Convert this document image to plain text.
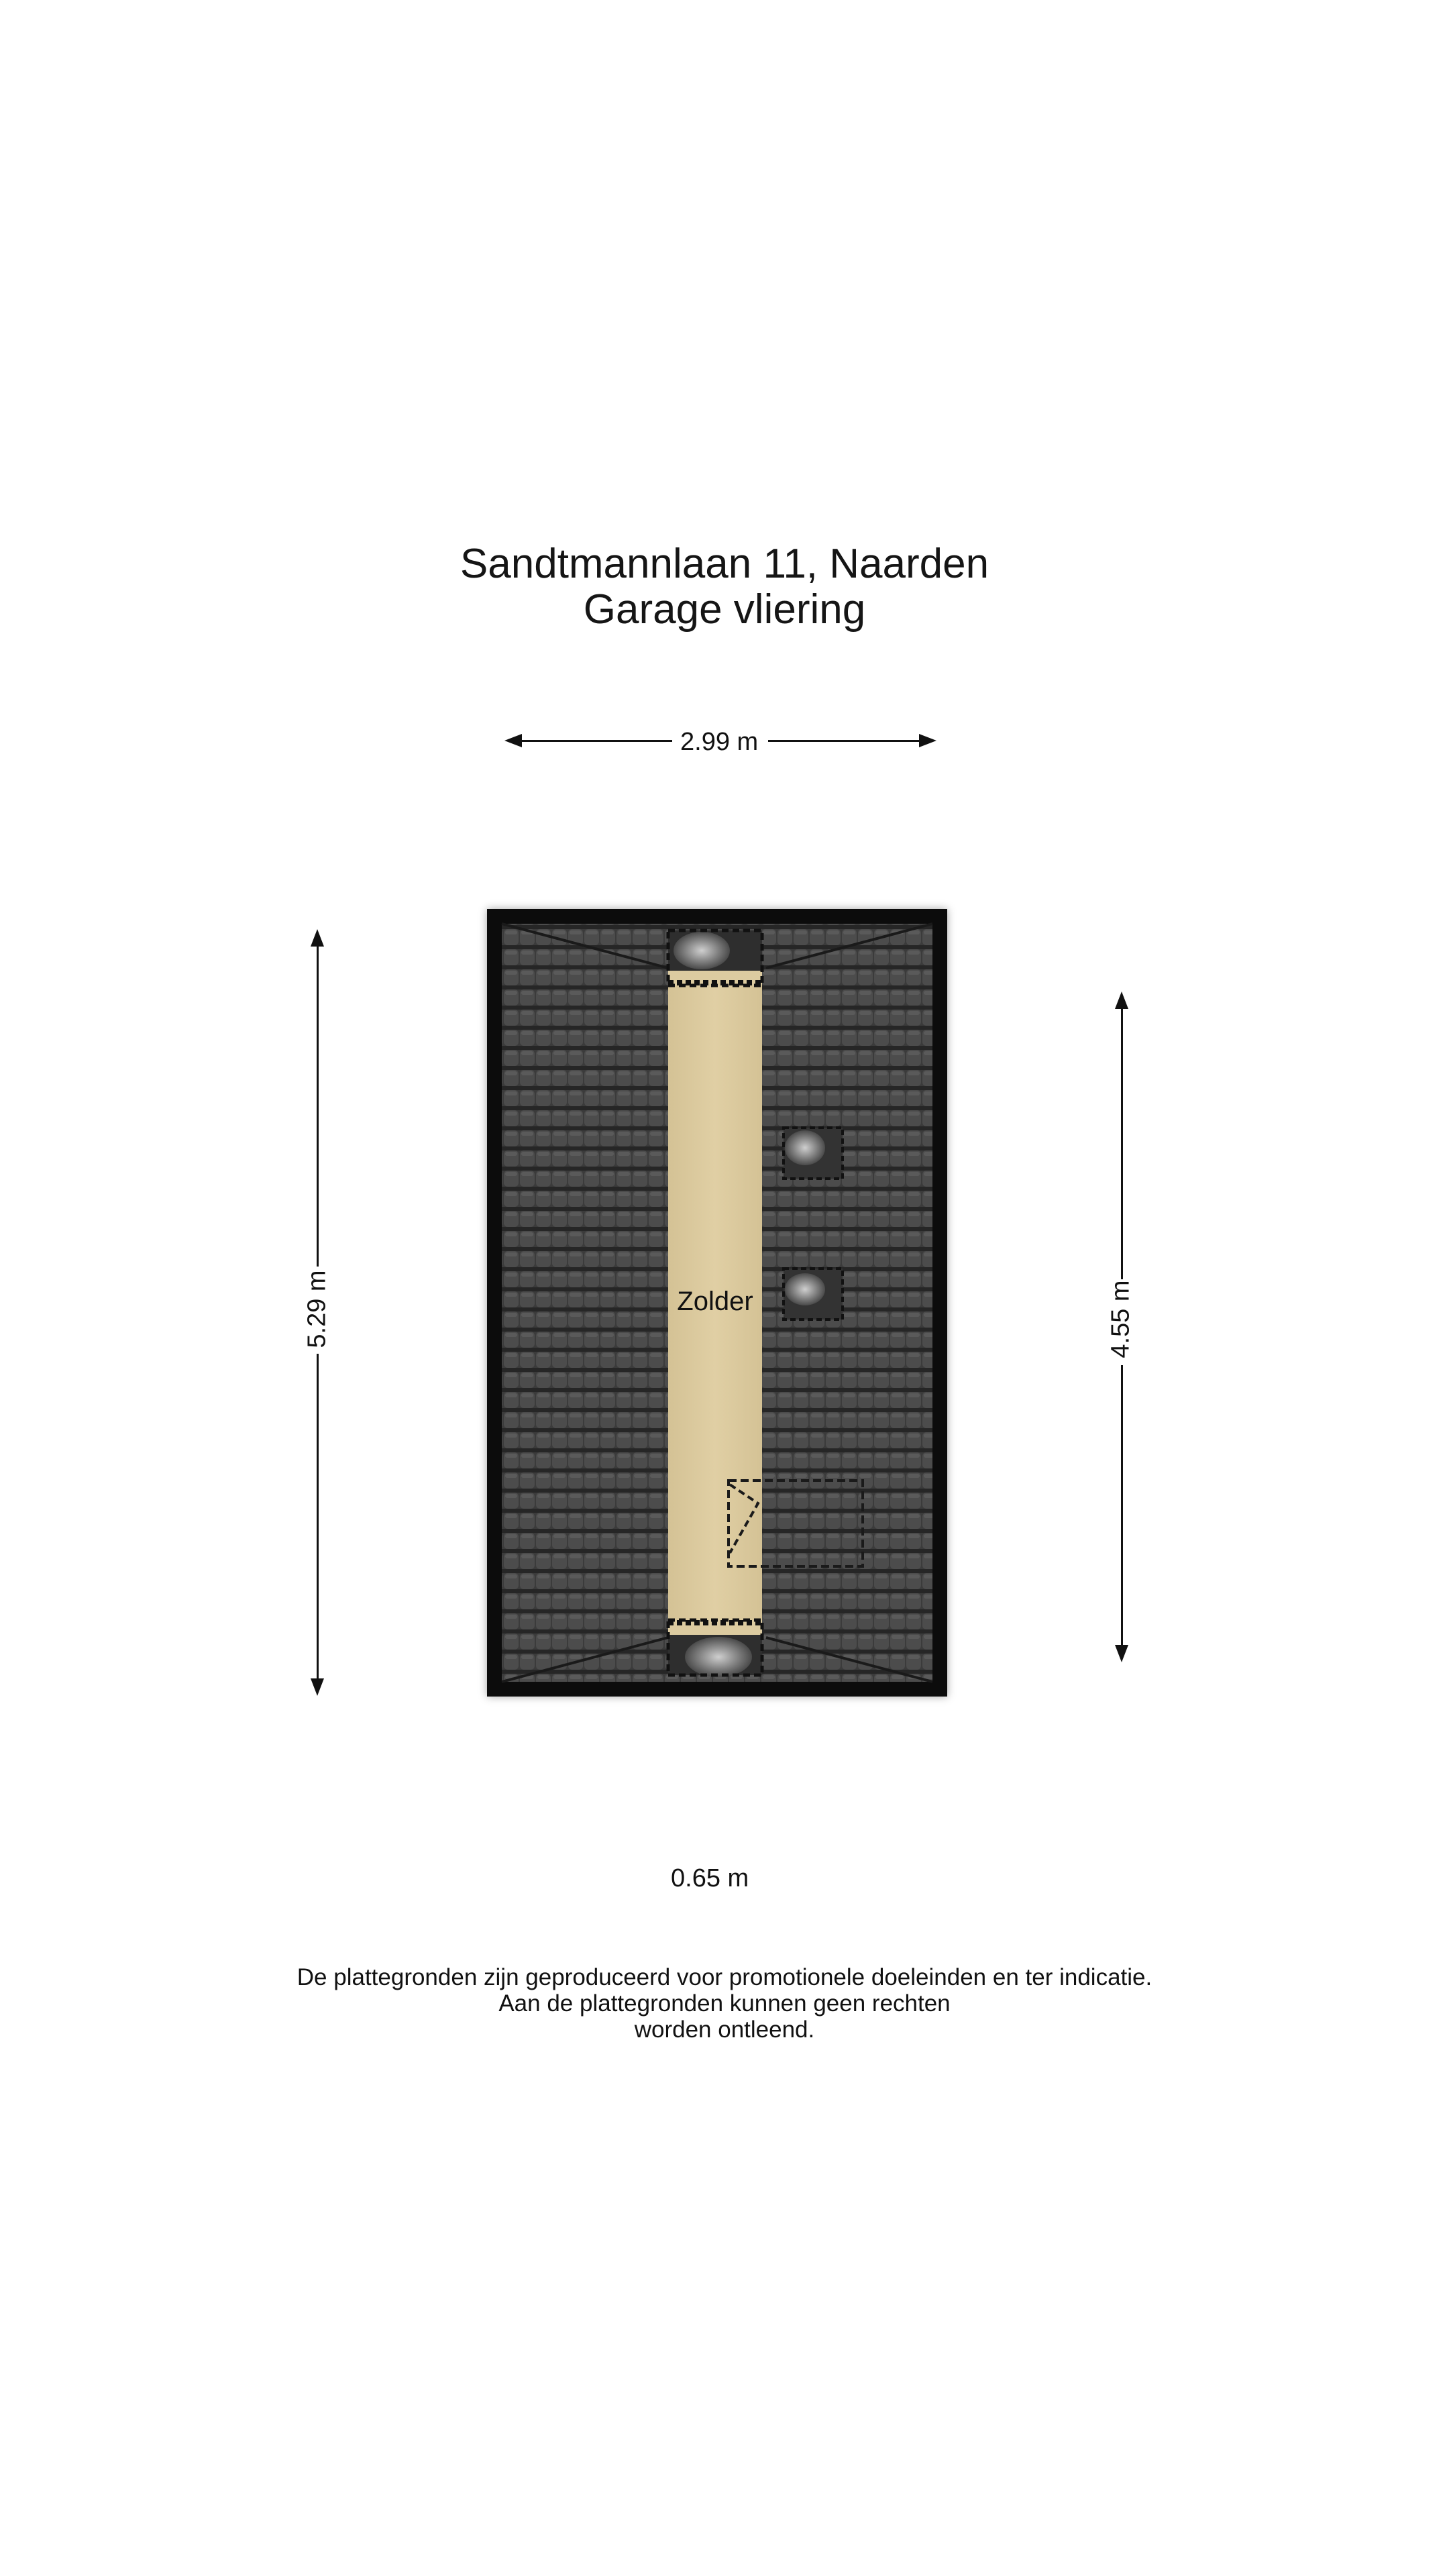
Sandtmannlaan 11, Naarden
Garage vliering
2.99 m
5.29 m	4.55 m
Zolder
0.65 m
De plattegronden zijn geproduceerd voor promotionele doeleinden en ter indicatie.
Aan de plattegronden kunnen geen rechten
worden ontleend.
